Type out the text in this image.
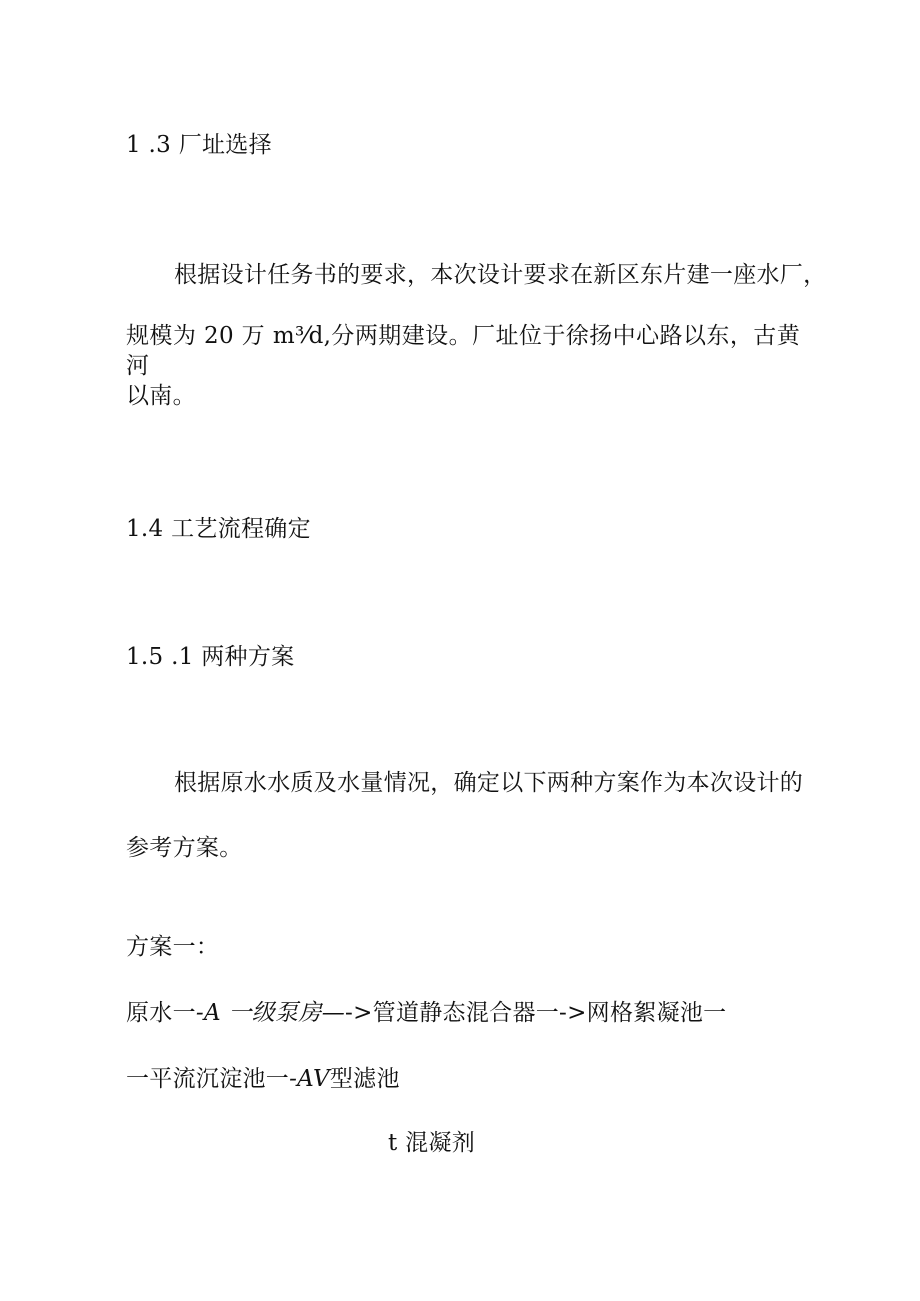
1 .3 厂址选择
根据设计任务书的要求，本次设计要求在新区东片建一座水厂，
规模为 20 万 m³⁄d,分两期建设。厂址位于徐扬中心路以东，古黄河
以南。
1.4 工艺流程确定
1.5 .1 两种方案
根据原水水质及水量情况，确定以下两种方案作为本次设计的
参考方案。
方案一：
原水一-A 一级泵房—->管道静态混合器一->网格絮凝池一
一平流沉淀池一-AV型滤池
t 混凝剂
